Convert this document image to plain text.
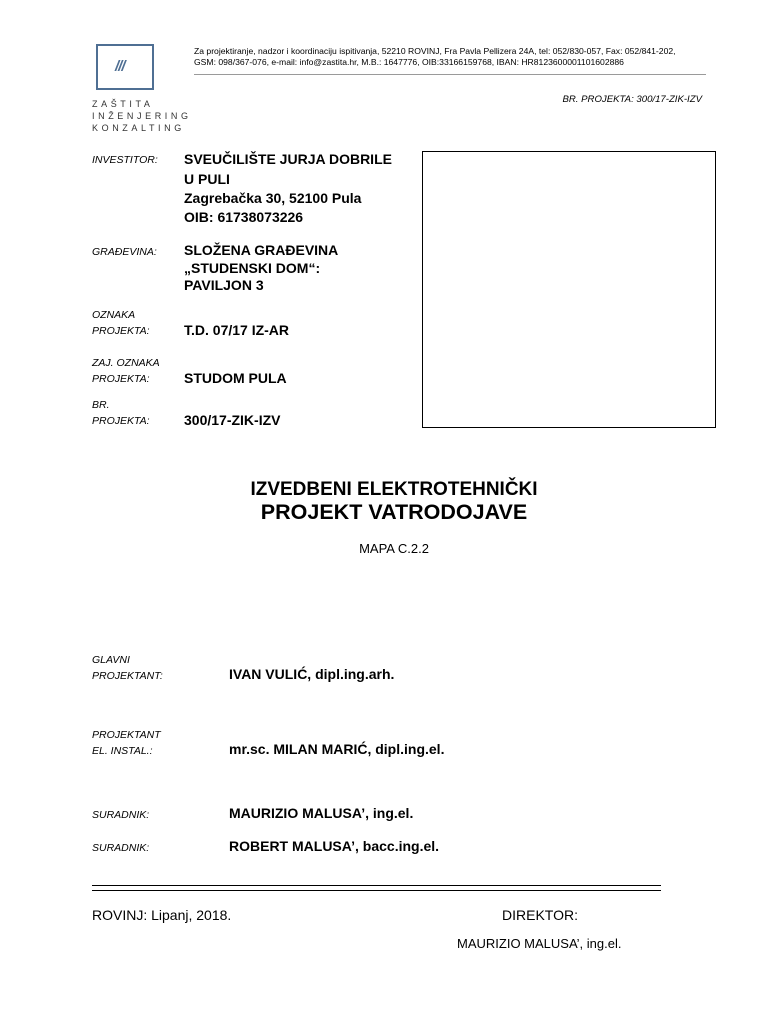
///
ZAŠTITA
INŽENJERING
KONZALTING
Za projektiranje, nadzor i koordinaciju ispitivanja, 52210 ROVINJ, Fra Pavla Pellizera 24A, tel: 052/830-057, Fax: 052/841-202,
GSM: 098/367-076, e-mail: info@zastita.hr, M.B.: 1647776, OIB:33166159768, IBAN: HR8123600001101602886
BR. PROJEKTA: 300/17-ZIK-IZV
INVESTITOR: SVEUČILIŠTE JURJA DOBRILE
U PULI
Zagrebačka 30, 52100 Pula
OIB: 61738073226
GRAĐEVINA: SLOŽENA GRAĐEVINA
„STUDENSKI DOM“:
PAVILJON 3
OZNAKA
PROJEKTA: T.D. 07/17 IZ-AR
ZAJ. OZNAKA
PROJEKTA: STUDOM PULA
BR.
PROJEKTA: 300/17-ZIK-IZV
IZVEDBENI ELEKTROTEHNIČKI
PROJEKT VATRODOJAVE
MAPA C.2.2
GLAVNI
PROJEKTANT:	IVAN VULIĆ, dipl.ing.arh.
PROJEKTANT
EL. INSTAL.:	mr.sc. MILAN MARIĆ, dipl.ing.el.
SURADNIK:	MAURIZIO MALUSA’, ing.el.
SURADNIK:	ROBERT MALUSA’, bacc.ing.el.
ROVINJ: Lipanj, 2018.	DIREKTOR:
MAURIZIO MALUSA’, ing.el.
